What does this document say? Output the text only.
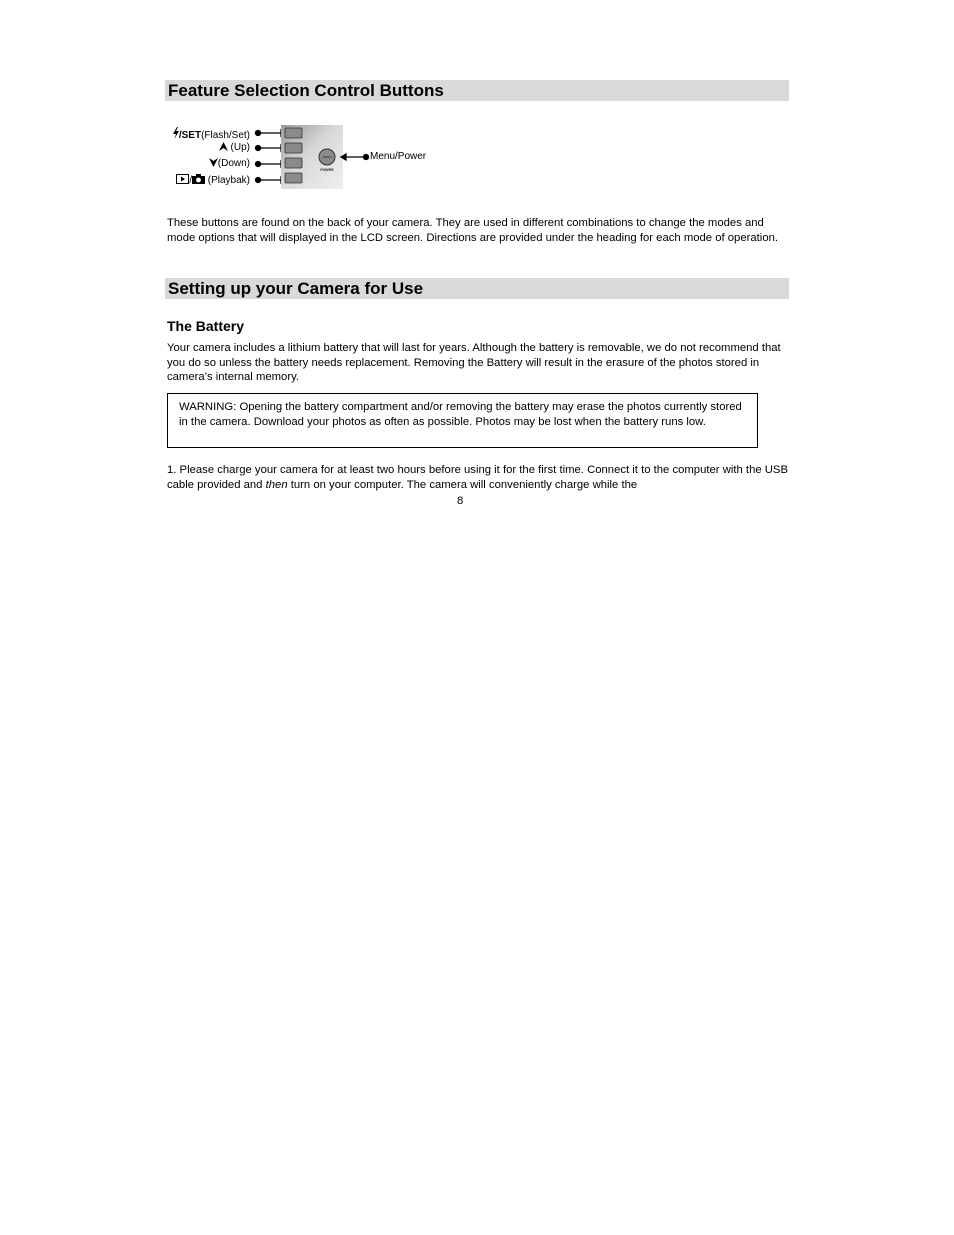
Feature Selection Control Buttons
/SET(Flash/Set)
(Up)
(Down)
/ (Playbak)
MENU
POWER
Menu/Power

These buttons are found on the back of your camera. They are used in different combinations to change the modes and mode options that will displayed in the LCD screen. Directions are provided under the heading for each mode of operation.

Setting up your Camera for Use
The Battery

Your camera includes a lithium battery that will last for years. Although the battery is removable, we do not recommend that you do so unless the battery needs replacement. Removing the Battery will result in the erasure of the photos stored in camera’s internal memory.

WARNING: Opening the battery compartment and/or removing the battery may erase the photos currently stored in the camera. Download your photos as often as possible. Photos may be lost when the battery runs low.

1. Please charge your camera for at least two hours before using it for the first time. Connect it to the computer with the USB cable provided and then turn on your computer. The camera will conveniently charge while the

8
